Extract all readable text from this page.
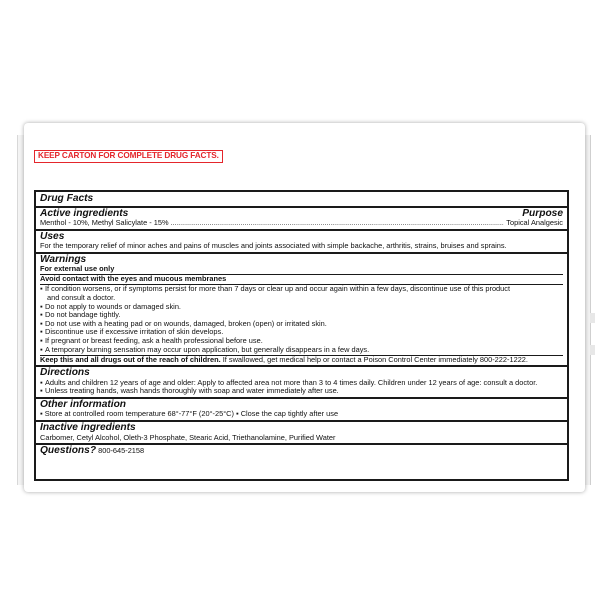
KEEP CARTON FOR COMPLETE DRUG FACTS.
Drug Facts
Active ingredients	Purpose
Menthol - 10%, Methyl Salicylate - 15%
.....	Topical Analgesic
Uses
For the temporary relief of minor aches and pains of muscles and joints associated with simple backache, arthritis, strains, bruises and sprains.
Warnings
For external use only
Avoid contact with the eyes and mucous membranes
▪ If condition worsens, or if symptoms persist for more than 7 days or clear up and occur again within a few days, discontinue use of this product
and consult a doctor.
▪ Do not apply to wounds or damaged skin.
▪ Do not bandage tightly.
▪ Do not use with a heating pad or on wounds, damaged, broken (open) or irritated skin.
▪ Discontinue use if excessive irritation of skin develops.
▪ If pregnant or breast feeding, ask a health professional before use.
▪ A temporary burning sensation may occur upon application, but generally disappears in a few days.
Keep this and all drugs out of the reach of children. If swallowed, get medical help or contact a Poison Control Center immediately 800-222-1222.
Directions
▪ Adults and children 12 years of age and older: Apply to affected area not more than 3 to 4 times daily. Children under 12 years of age: consult a doctor.
▪ Unless treating hands, wash hands thoroughly with soap and water immediately after use.
Other information
▪ Store at controlled room temperature 68°-77°F (20°-25°C) ▪ Close the cap tightly after use
Inactive ingredients
Carbomer, Cetyl Alcohol, Oleth-3 Phosphate, Stearic Acid, Triethanolamine, Purified Water
Questions? 800-645-2158
